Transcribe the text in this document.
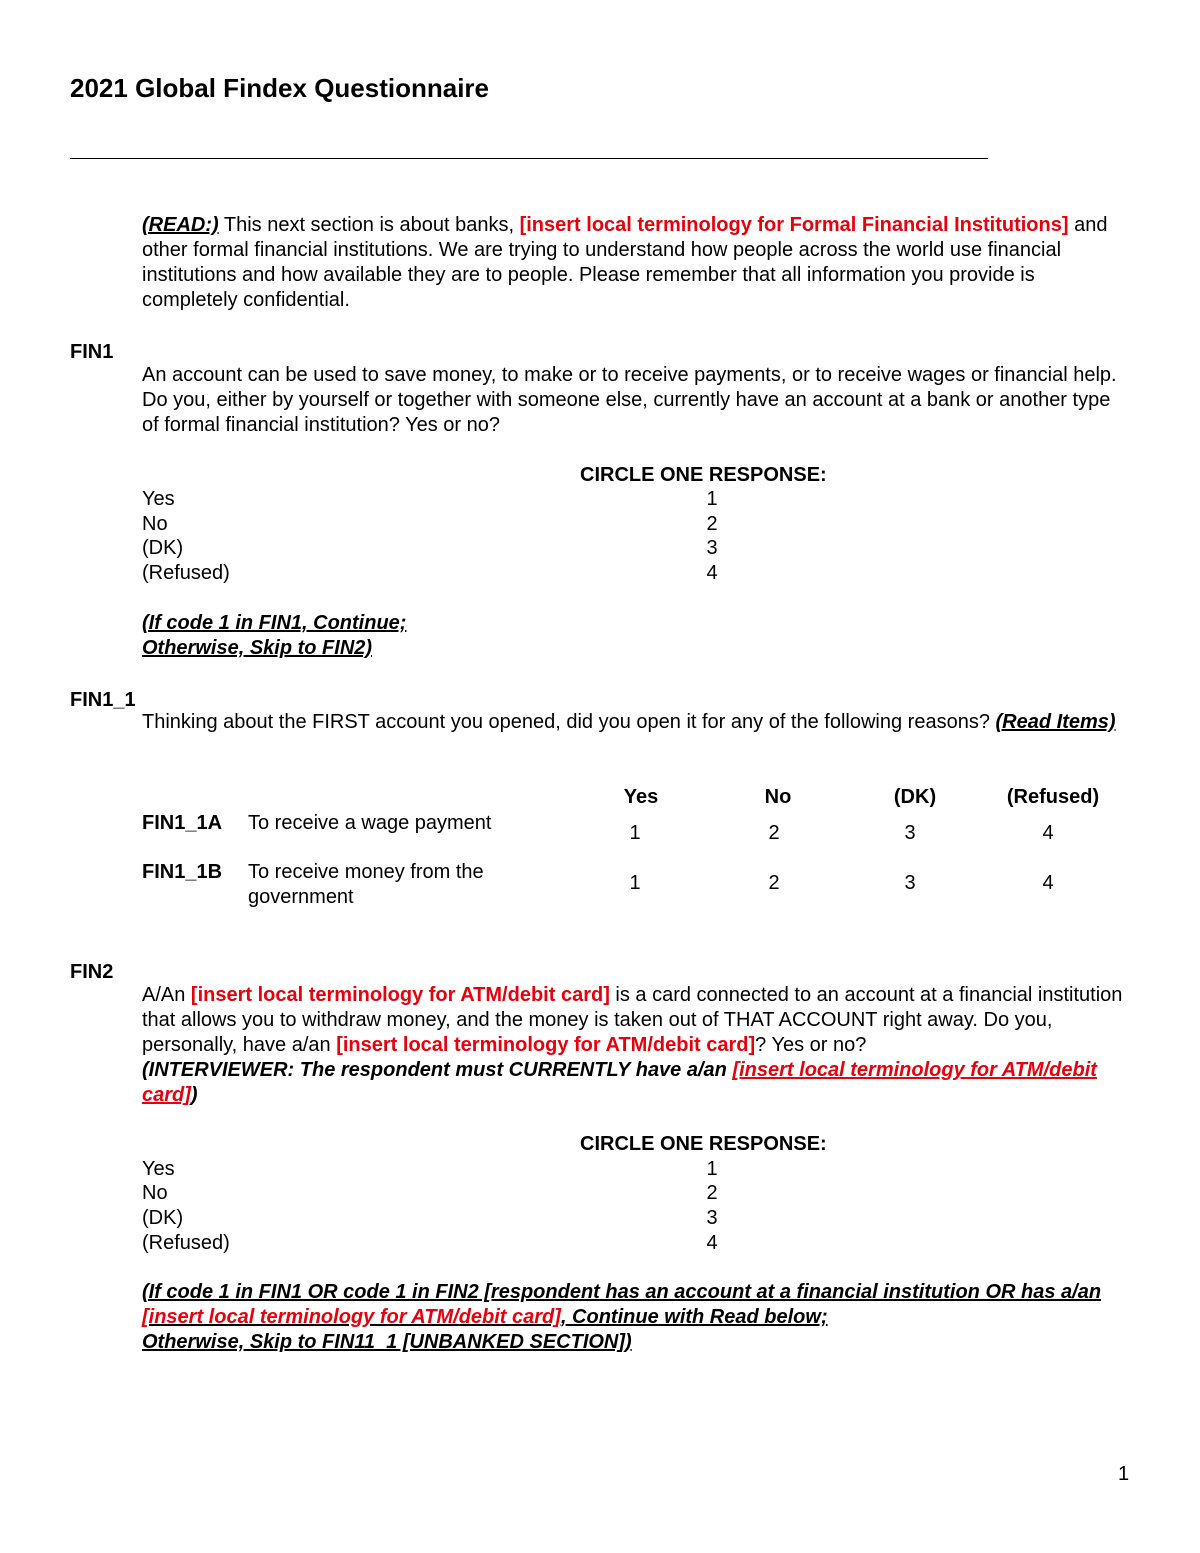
2021 Global Findex Questionnaire
(READ:) This next section is about banks, [insert local terminology for Formal Financial Institutions] and other formal financial institutions. We are trying to understand how people across the world use financial institutions and how available they are to people. Please remember that all information you provide is completely confidential.
FIN1
An account can be used to save money, to make or to receive payments, or to receive wages or financial help. Do you, either by yourself or together with someone else, currently have an account at a bank or another type of formal financial institution? Yes or no?
CIRCLE ONE RESPONSE:
Yes	1
No	2
(DK)	3
(Refused)	4
(If code 1 in FIN1, Continue;
Otherwise, Skip to FIN2)
FIN1_1
Thinking about the FIRST account you opened, did you open it for any of the following reasons? (Read Items)
Yes	No	(DK)	(Refused)
FIN1_1A To receive a wage payment	1	2	3	4
FIN1_1B To receive money from the government
1	2	3	4
FIN2
A/An [insert local terminology for ATM/debit card] is a card connected to an account at a financial institution that allows you to withdraw money, and the money is taken out of THAT ACCOUNT right away. Do you, personally, have a/an [insert local terminology for ATM/debit card]? Yes or no?
(INTERVIEWER: The respondent must CURRENTLY have a/an [insert local terminology for ATM/debit card])
CIRCLE ONE RESPONSE:
Yes	1
No	2
(DK)	3
(Refused)	4
(If code 1 in FIN1 OR code 1 in FIN2 [respondent has an account at a financial institution OR has a/an [insert local terminology for ATM/debit card], Continue with Read below;
Otherwise, Skip to FIN11_1 [UNBANKED SECTION])
1
